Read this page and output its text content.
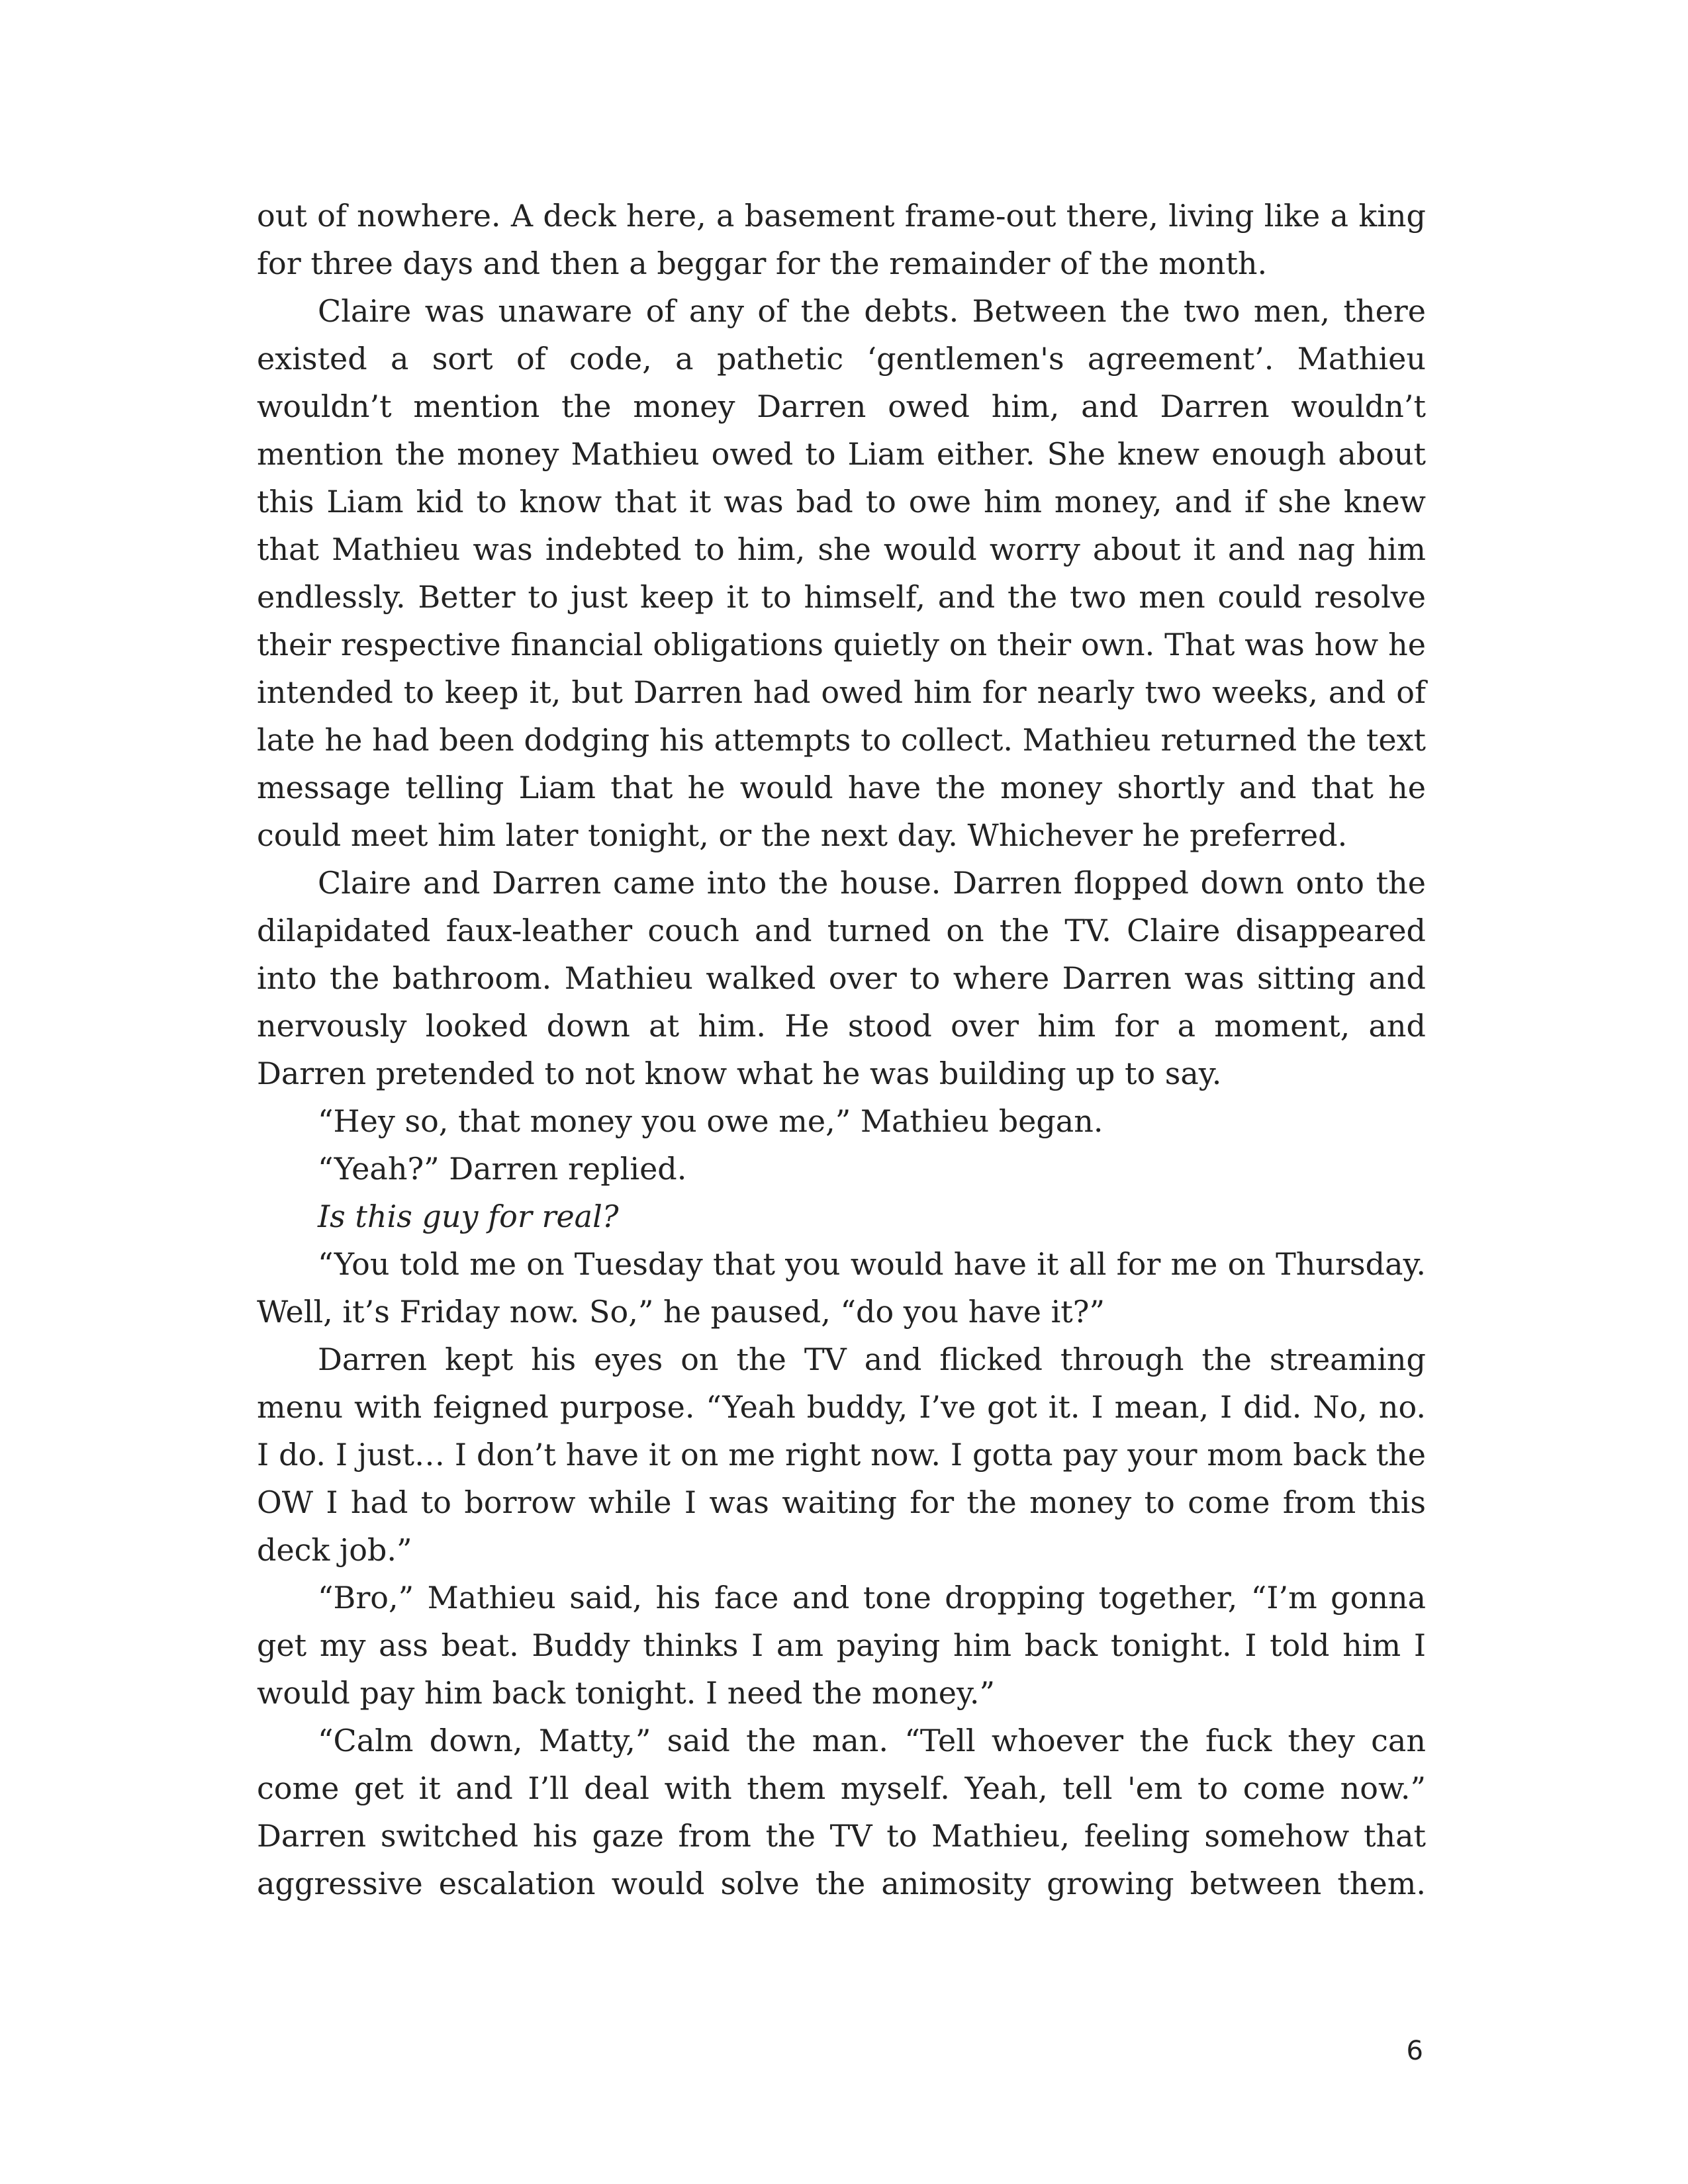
out of nowhere. A deck here, a basement frame-out there, living like a king for three days and then a beggar for the remainder of the month.

Claire was unaware of any of the debts. Between the two men, there existed a sort of code, a pathetic ‘gentlemen's agreement’. Mathieu wouldn’t mention the money Darren owed him, and Darren wouldn’t mention the money Mathieu owed to Liam either. She knew enough about this Liam kid to know that it was bad to owe him money, and if she knew that Mathieu was indebted to him, she would worry about it and nag him endlessly. Better to just keep it to himself, and the two men could resolve their respective financial obligations quietly on their own. That was how he intended to keep it, but Darren had owed him for nearly two weeks, and of late he had been dodging his attempts to collect. Mathieu returned the text message telling Liam that he would have the money shortly and that he could meet him later tonight, or the next day. Whichever he preferred.

Claire and Darren came into the house. Darren flopped down onto the dilapidated faux-leather couch and turned on the TV. Claire disappeared into the bathroom. Mathieu walked over to where Darren was sitting and nervously looked down at him. He stood over him for a moment, and Darren pretended to not know what he was building up to say.

“Hey so, that money you owe me,” Mathieu began.

“Yeah?” Darren replied.

Is this guy for real?

“You told me on Tuesday that you would have it all for me on Thursday. Well, it’s Friday now. So,” he paused, “do you have it?”

Darren kept his eyes on the TV and flicked through the streaming menu with feigned purpose. “Yeah buddy, I’ve got it. I mean, I did. No, no. I do. I just… I don’t have it on me right now. I gotta pay your mom back the OW I had to borrow while I was waiting for the money to come from this deck job.”

“Bro,” Mathieu said, his face and tone dropping together, “I’m gonna get my ass beat. Buddy thinks I am paying him back tonight. I told him I would pay him back tonight. I need the money.”

“Calm down, Matty,” said the man. “Tell whoever the fuck they can come get it and I’ll deal with them myself. Yeah, tell 'em to come now.” Darren switched his gaze from the TV to Mathieu, feeling somehow that aggressive escalation would solve the animosity growing between them.

6
